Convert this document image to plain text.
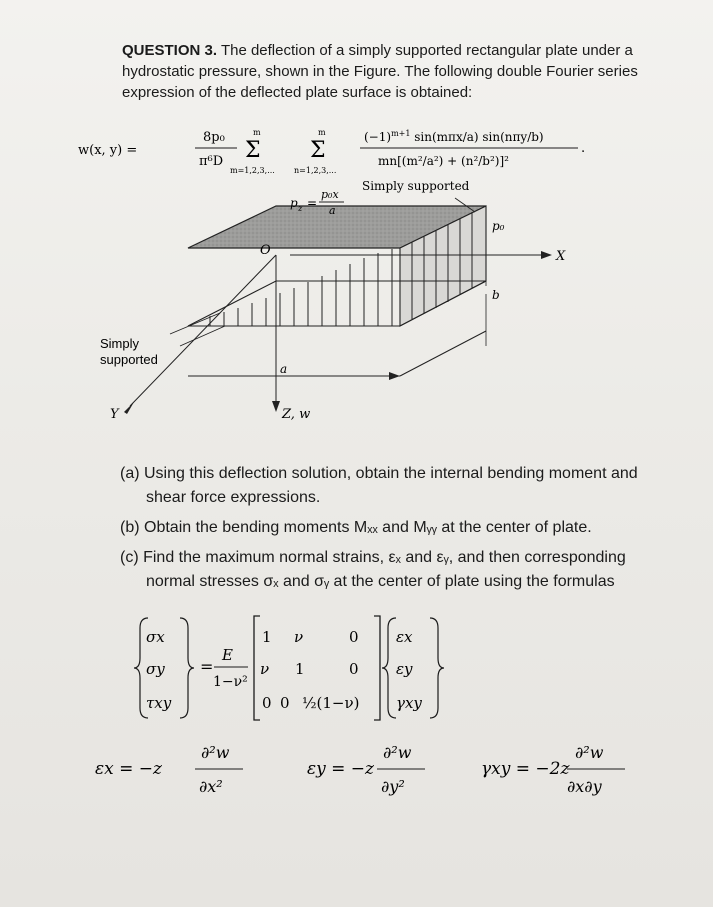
QUESTION 3. The deflection of a simply supported rectangular plate under a hydrostatic pressure, shown in the Figure. The following double Fourier series expression of the deflected plate surface is obtained:
w(x, y) =
8p₀
π⁶D
m
Σ
m=1,2,3,...
m
Σ
n=1,2,3,...
$(-1)^{m+1}$ sin(mπx/a) sin(nπy/b)
mn[(m²/a²) + (n²/b²)]²
.
p z =
p₀x
a
Simply supported
O	X
Y	Z, w
a
b
p₀
Simply
supported
(a) Using this deflection solution, obtain the internal bending moment and
shear force expressions.
(b) Obtain the bending moments Mₓₓ and Mᵧᵧ at the center of plate.
(c) Find the maximum normal strains, εₓ and εᵧ, and then corresponding
normal stresses σₓ and σᵧ at the center of plate using the formulas
σx
σy
τxy
=
E
1−ν²
1 ν	0
ν 1	0
0 0 ½(1−ν)
εx
εy
γxy
εx = −z
∂²w
∂x²
εy = −z
∂²w
∂y²
γxy = −2z
∂²w
∂x∂y
